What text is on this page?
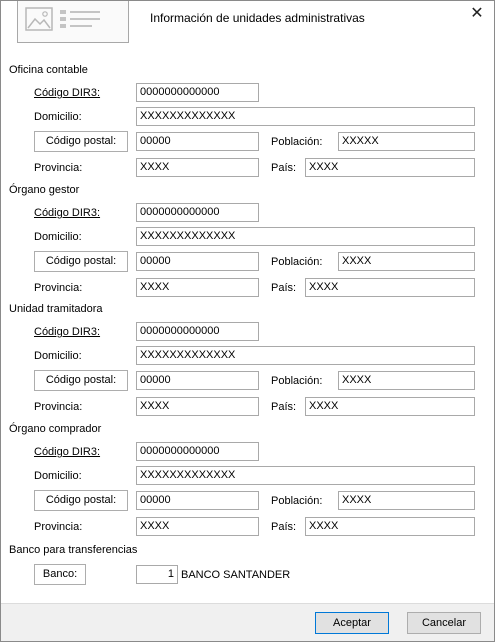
Información de unidades administrativas	✕
Oficina contable
Código DIR3:	0000000000000
Domicilio:	XXXXXXXXXXXXX
Código postal:	00000	Población:	XXXXX
Provincia:	XXXX	País:	XXXX
Órgano gestor
Código DIR3:	0000000000000
Domicilio:	XXXXXXXXXXXXX
Código postal:	00000	Población:	XXXX
Provincia:	XXXX	País:	XXXX
Unidad tramitadora
Código DIR3:	0000000000000
Domicilio:	XXXXXXXXXXXXX
Código postal:	00000	Población:	XXXX
Provincia:	XXXX	País:	XXXX
Órgano comprador
Código DIR3:	0000000000000
Domicilio:	XXXXXXXXXXXXX
Código postal:	00000	Población:	XXXX
Provincia:	XXXX	País:	XXXX
Banco para transferencias
Banco:	1 BANCO SANTANDER
Aceptar	Cancelar
